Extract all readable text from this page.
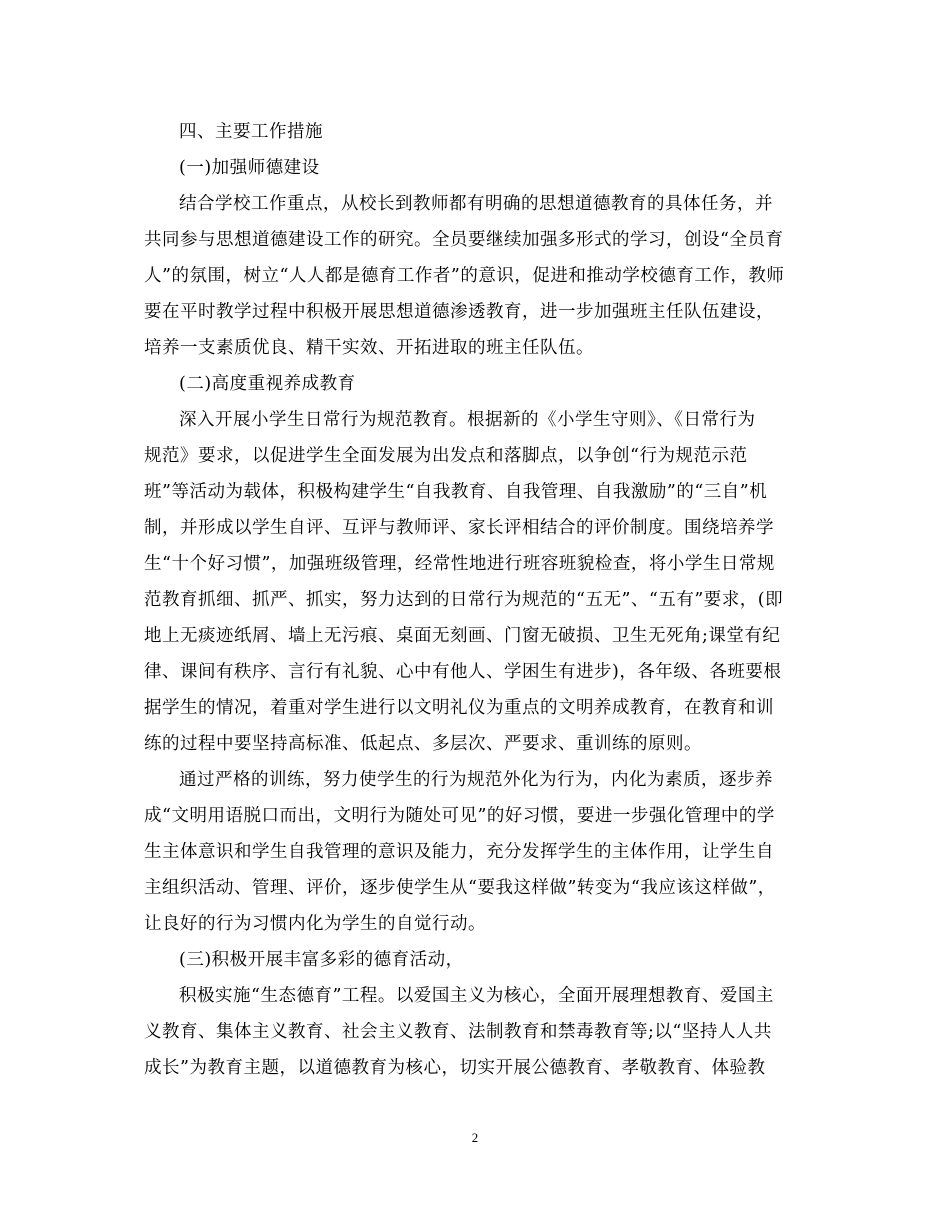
四、主要工作措施
(一)加强师德建设
结合学校工作重点，从校长到教师都有明确的思想道德教育的具体任务，并
共同参与思想道德建设工作的研究。全员要继续加强多形式的学习，创设“全员育
人”的氛围，树立“人人都是德育工作者”的意识，促进和推动学校德育工作，教师
要在平时教学过程中积极开展思想道德渗透教育，进一步加强班主任队伍建设，
培养一支素质优良、精干实效、开拓进取的班主任队伍。
(二)高度重视养成教育
深入开展小学生日常行为规范教育。根据新的《小学生守则》、《日常行为
规范》要求，以促进学生全面发展为出发点和落脚点，以争创“行为规范示范
班”等活动为载体，积极构建学生“自我教育、自我管理、自我激励”的“三自”机
制，并形成以学生自评、互评与教师评、家长评相结合的评价制度。围绕培养学
生“十个好习惯”，加强班级管理，经常性地进行班容班貌检查，将小学生日常规
范教育抓细、抓严、抓实，努力达到的日常行为规范的“五无”、“五有”要求，(即
地上无痰迹纸屑、墙上无污痕、桌面无刻画、门窗无破损、卫生无死角;课堂有纪
律、课间有秩序、言行有礼貌、心中有他人、学困生有进步)，各年级、各班要根
据学生的情况，着重对学生进行以文明礼仪为重点的文明养成教育，在教育和训
练的过程中要坚持高标准、低起点、多层次、严要求、重训练的原则。
通过严格的训练，努力使学生的行为规范外化为行为，内化为素质，逐步养
成“文明用语脱口而出，文明行为随处可见”的好习惯，要进一步强化管理中的学
生主体意识和学生自我管理的意识及能力，充分发挥学生的主体作用，让学生自
主组织活动、管理、评价，逐步使学生从“要我这样做”转变为“我应该这样做”，
让良好的行为习惯内化为学生的自觉行动。
(三)积极开展丰富多彩的德育活动，
积极实施“生态德育”工程。以爱国主义为核心，全面开展理想教育、爱国主
义教育、集体主义教育、社会主义教育、法制教育和禁毒教育等;以“坚持人人共
成长”为教育主题，以道德教育为核心，切实开展公德教育、孝敬教育、体验教
2
